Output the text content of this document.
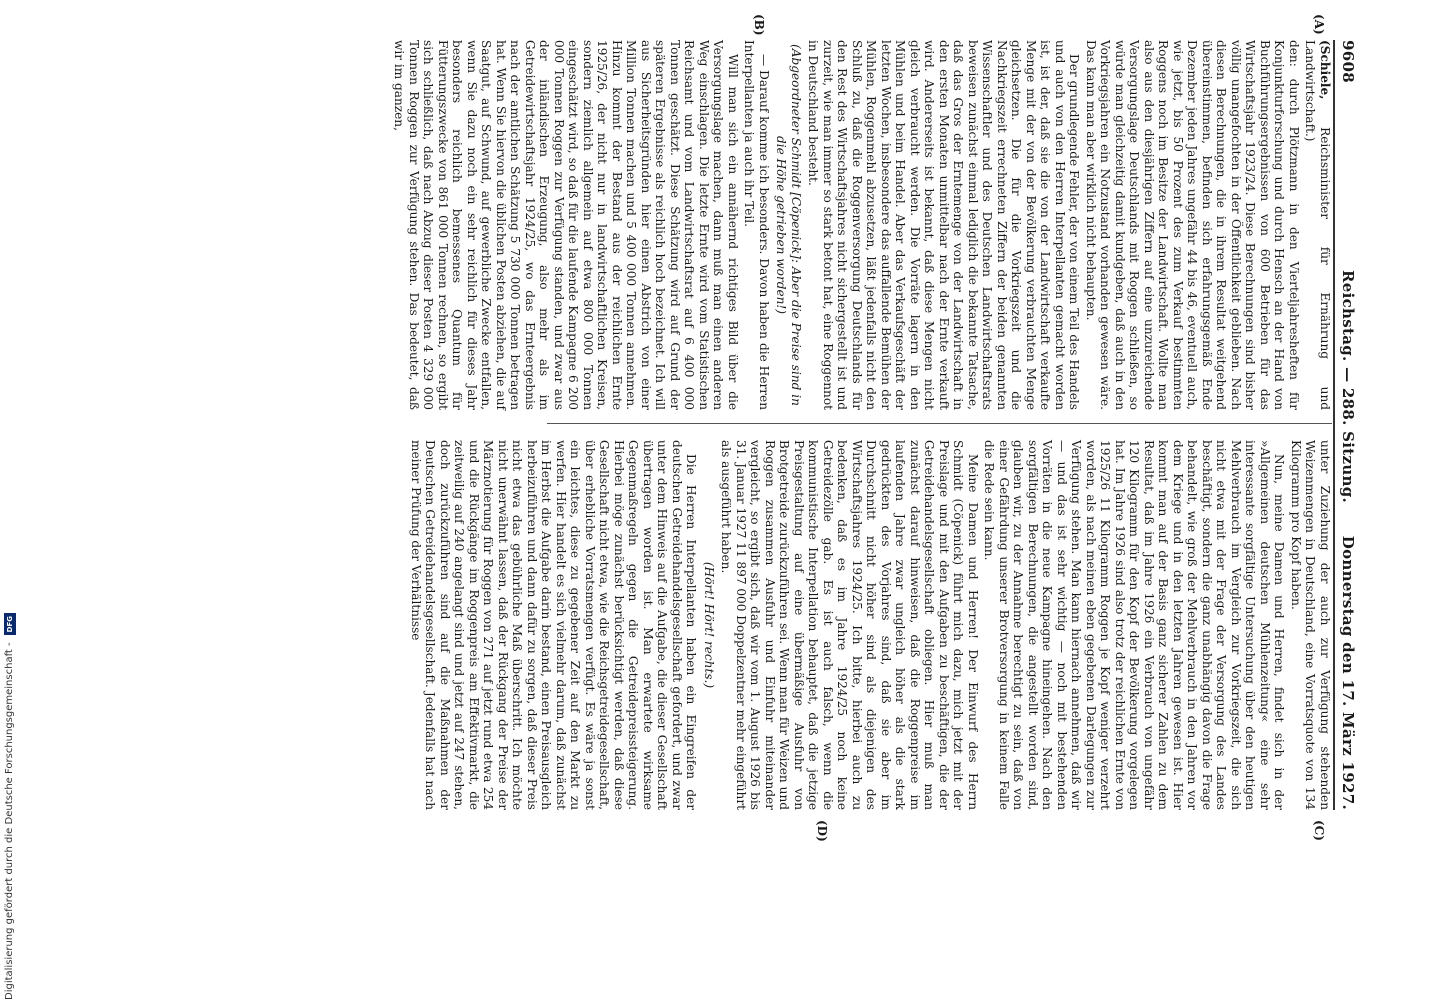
9608
Reichstag. — 288. Sitzung.
Donnerstag den 17. März 1927.
(A)
(B)
(C)
(D)

(Schiele, Reichsminister für Ernährung und Landwirtschaft.)

den: durch Plötzmann in den Vierteljahresheften für Konjunkturforschung und durch Hensch an der Hand von Buchführungsergebnissen von 600 Betrieben für das Wirtschaftsjahr 1923/24. Diese Berechnungen sind bisher völlig unangefochten in der Öffentlichkeit geblieben. Nach diesen Berechnungen, die in ihrem Resultat weitgehend übereinstimmen, befinden sich erfahrungsgemäß Ende Dezember jeden Jahres ungefähr 44 bis 46, eventuell auch, wie jetzt, bis 50 Prozent des zum Verkauf bestimmten Roggens noch im Besitze der Landwirtschaft. Wollte man also aus den diesjährigen Ziffern auf eine unzureichende Versorgungslage Deutschlands mit Roggen schließen, so würde man gleichzeitig damit kundgeben, daß auch in den Vorkriegsjahren ein Notzustand vorhanden gewesen wäre. Das kann man aber wirklich nicht behaupten.

Der grundlegende Fehler, der von einem Teil des Handels und auch von den Herren Interpellanten gemacht worden ist, ist der, daß sie die von der Landwirtschaft verkaufte Menge mit der von der Bevölkerung verbrauchten Menge gleichsetzen. Die für die Vorkriegszeit und die Nachkriegszeit errechneten Ziffern der beiden genannten Wissenschaftler und des Deutschen Landwirtschaftsrats beweisen zunächst einmal lediglich die bekannte Tatsache, daß das Gros der Erntemenge von der Landwirtschaft in den ersten Monaten unmittelbar nach der Ernte verkauft wird. Andererseits ist bekannt, daß diese Mengen nicht gleich verbraucht werden. Die Vorräte lagern in den Mühlen und beim Handel. Aber das Verkaufsgeschäft der letzten Wochen, insbesondere das auffallende Bemühen der Mühlen, Roggenmehl abzusetzen, läßt jedenfalls nicht den Schluß zu, daß die Roggenversorgung Deutschlands für den Rest des Wirtschaftsjahres nicht sichergestellt ist und zurzeit, wie man immer so stark betont hat, eine Roggennot in Deutschland besteht.

(Abgeordneter Schmidt [Cöpenick]: Aber die Preise sind in die Höhe getrieben worden!)

— Darauf komme ich besonders. Davon haben die Herren Interpellanten ja auch ihr Teil.

Will man sich ein annähernd richtiges Bild über die Versorgungslage machen, dann muß man einen anderen Weg einschlagen. Die letzte Ernte wird vom Statistischen Reichsamt und vom Landwirtschaftsrat auf 6 400 000 Tonnen geschätzt. Diese Schätzung wird auf Grund der späteren Ergebnisse als reichlich hoch bezeichnet. Ich will aus Sicherheitsgründen hier einen Abstrich von einer Million Tonnen machen und 5 400 000 Tonnen annehmen. Hinzu kommt der Bestand aus der reichlichen Ernte 1925/26, der nicht nur in landwirtschaftlichen Kreisen, sondern ziemlich allgemein auf etwa 800 000 Tonnen eingeschätzt wird, so daß für die laufende Kampagne 6 200 000 Tonnen Roggen zur Verfügung standen, und zwar aus der inländischen Erzeugung, also mehr als im Getreidewirtschaftsjahr 1924/25, wo das Ernteergebnis nach der amtlichen Schätzung 5 730 000 Tonnen betragen hat. Wenn Sie hiervon die üblichen Posten abziehen, die auf Saatgut, auf Schwund, auf gewerbliche Zwecke entfallen, wenn Sie dazu noch ein sehr reichlich für dieses Jahr besonders reichlich bemessenes Quantum für Fütterungszwecke von 861 000 Tonnen rechnen, so ergibt sich schließlich, daß nach Abzug dieser Posten 4 329 000 Tonnen Roggen zur Verfügung stehen. Das bedeutet, daß wir im ganzen,

unter Zuziehung der auch zur Verfügung stehenden Weizenmengen in Deutschland, eine Vorratsquote von 134 Kilogramm pro Kopf haben.

Nun, meine Damen und Herren, findet sich in der »Allgemeinen deutschen Mühlenzeitung« eine sehr interessante sorgfältige Untersuchung über den heutigen Mehlverbrauch im Vergleich zur Vorkriegszeit, die sich nicht etwa mit der Frage der Versorgung des Landes beschäftigt, sondern die ganz unabhängig davon die Frage behandelt, wie groß der Mehlverbrauch in den Jahren vor dem Kriege und in den letzten Jahren gewesen ist. Hier kommt man auf der Basis ganz sicherer Zahlen zu dem Resultat, daß im Jahre 1926 ein Verbrauch von ungefähr 120 Kilogramm für den Kopf der Bevölkerung vorgelegen hat. Im Jahre 1926 sind also trotz der reichlichen Ernte von 1925/26 11 Kilogramm Roggen je Kopf weniger verzehrt worden, als nach meinen eben gegebenen Darlegungen zur Verfügung stehen. Man kann hiernach annehmen, daß wir — und das ist sehr wichtig — noch mit bestehenden Vorräten in die neue Kampagne hineingehen. Nach den sorgfältigen Berechnungen, die angestellt worden sind, glauben wir, zu der Annahme berechtigt zu sein, daß von einer Gefährdung unserer Brotversorgung in keinem Falle die Rede sein kann.

Meine Damen und Herren! Der Einwurf des Herrn Schmidt (Cöpenick) führt mich dazu, mich jetzt mit der Preislage und mit den Aufgaben zu beschäftigen, die der Getreidehandelsgesellschaft obliegen. Hier muß man zunächst darauf hinweisen, daß die Roggenpreise im laufenden Jahre zwar ungleich höher als die stark gedrückten des Vorjahres sind, daß sie aber im Durchschnitt nicht höher sind als diejenigen des Wirtschaftsjahres 1924/25. Ich bitte, hierbei auch zu bedenken, daß es im Jahre 1924/25 noch keine Getreidezölle gab. Es ist auch falsch, wenn die kommunistische Interpellation behauptet, daß die jetzige Preisgestaltung auf eine übermäßige Ausfuhr von Brotgetreide zurückzuführen sei. Wenn man für Weizen und Roggen zusammen Ausfuhr und Einfuhr miteinander vergleicht, so ergibt sich, daß wir vom 1. August 1926 bis 31. Januar 1927 11 897 000 Doppelzentner mehr eingeführt als ausgeführt haben.

(Hört! Hört! rechts.)

Die Herren Interpellanten haben ein Eingreifen der deutschen Getreidehandelsgesellschaft gefordert, und zwar unter dem Hinweis auf die Aufgabe, die dieser Gesellschaft übertragen worden ist. Man erwartete wirksame Gegenmaßregeln gegen die Getreidepreissteigerung. Hierbei möge zunächst berücksichtigt werden, daß diese Gesellschaft nicht etwa, wie die Reichsgetreidegesellschaft, über erhebliche Vorratsmengen verfügt. Es wäre ja sonst ein leichtes, diese zu gegebener Zeit auf den Markt zu werfen. Hier handelt es sich vielmehr darum, daß zunächst im Herbst die Aufgabe darin bestand, einen Preisausgleich herbeizuführen und dann dafür zu sorgen, daß dieser Preis nicht etwa das gebührliche Maß überschritt. Ich möchte nicht unerwähnt lassen, daß der Rückgang der Preise der Märznotierung für Roggen von 271 auf jetzt rund etwa 254 und die Rückgänge im Roggenpreis am Effektivmarkt, die zeitweilig auf 240 angelangt sind und jetzt auf 247 stehen, doch zurückzuführen sind auf die Maßnahmen der Deutschen Getreidehandelsgesellschaft. Jedenfalls hat nach meiner Prüfung der Verhältnisse

Digitalisierung gefördert durch die Deutsche Forschungsgemeinschaft - DFG
